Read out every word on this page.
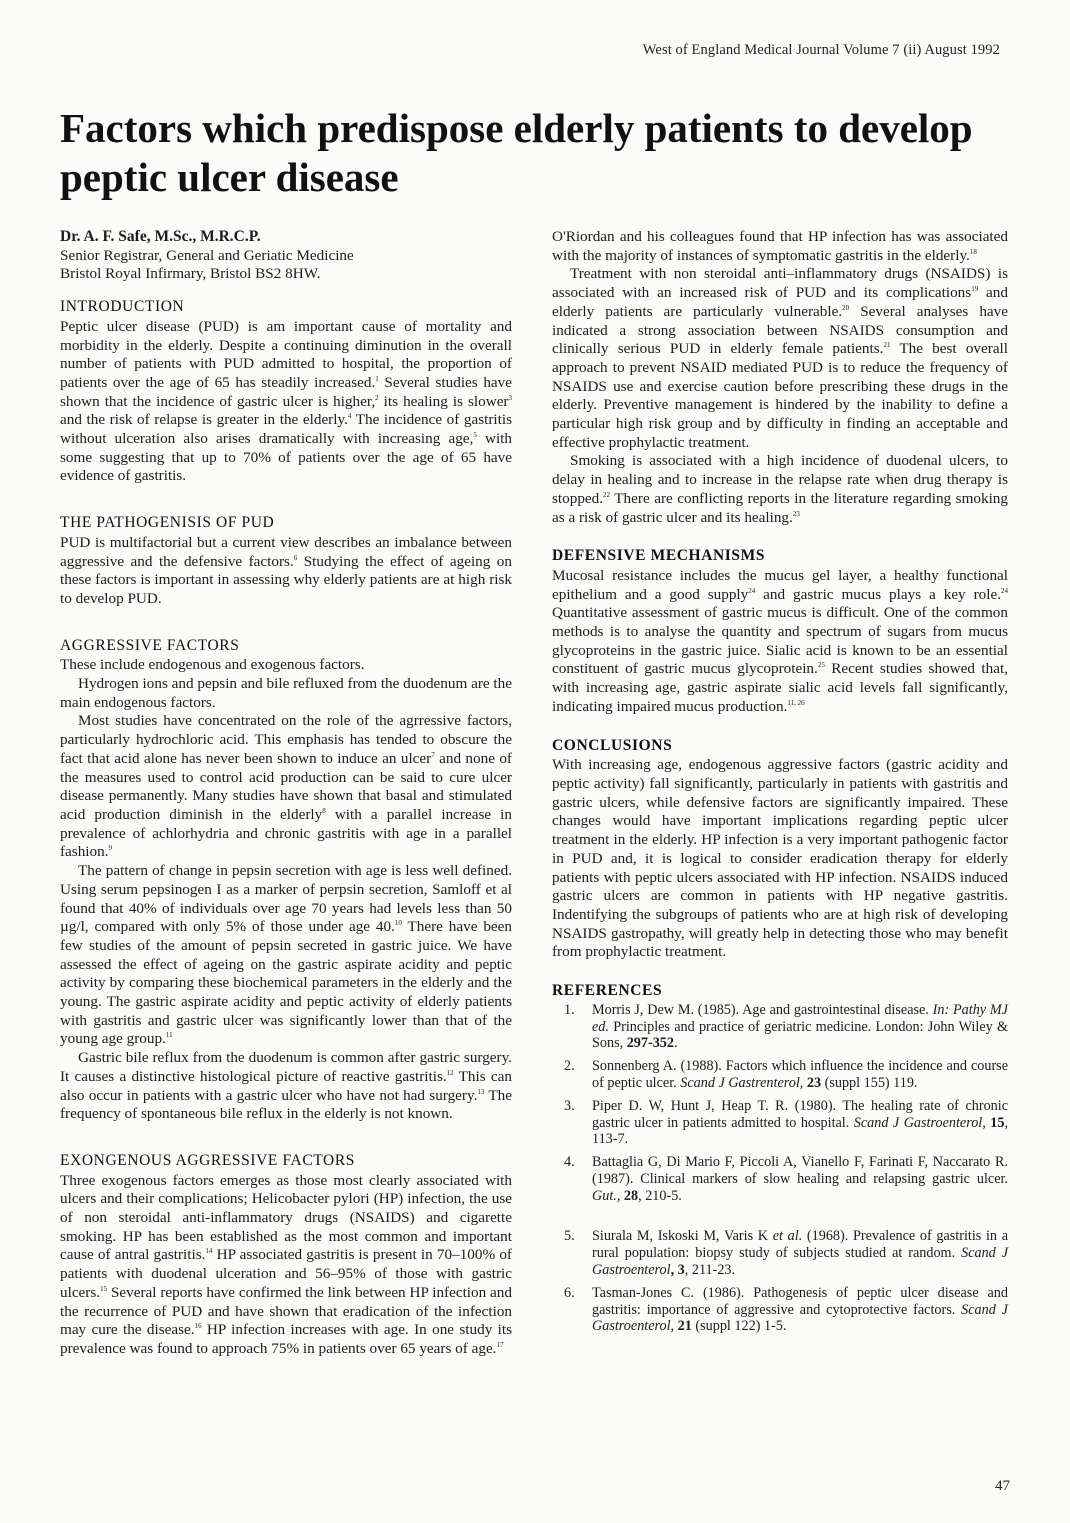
West of England Medical Journal Volume 7 (ii) August 1992
Factors which predispose elderly patients to develop peptic ulcer disease

Dr. A. F. Safe, M.Sc., M.R.C.P.

Senior Registrar, General and Geriatic Medicine

Bristol Royal Infirmary, Bristol BS2 8HW.

INTRODUCTION

Peptic ulcer disease (PUD) is am important cause of mortality and morbidity in the elderly. Despite a continuing diminution in the overall number of patients with PUD admitted to hospital, the proportion of patients over the age of 65 has steadily increased.$^1$ Several studies have shown that the incidence of gastric ulcer is higher,$^2$ its healing is slower$^3$ and the risk of relapse is greater in the elderly.$^4$ The incidence of gastritis without ulceration also arises dramatically with increasing age,$^5$ with some suggesting that up to 70% of patients over the age of 65 have evidence of gastritis.

THE PATHOGENISIS OF PUD

PUD is multifactorial but a current view describes an imbalance between aggressive and the defensive factors.$^6$ Studying the effect of ageing on these factors is important in assessing why elderly patients are at high risk to develop PUD.

AGGRESSIVE FACTORS

These include endogenous and exogenous factors.

Hydrogen ions and pepsin and bile refluxed from the duodenum are the main endogenous factors.

Most studies have concentrated on the role of the agrressive factors, particularly hydrochloric acid. This emphasis has tended to obscure the fact that acid alone has never been shown to induce an ulcer$^7$ and none of the measures used to control acid production can be said to cure ulcer disease permanently. Many studies have shown that basal and stimulated acid production diminish in the elderly$^8$ with a parallel increase in prevalence of achlorhydria and chronic gastritis with age in a parallel fashion.$^9$

The pattern of change in pepsin secretion with age is less well defined. Using serum pepsinogen I as a marker of perpsin secretion, Samloff et al found that 40% of individuals over age 70 years had levels less than 50 µg/l, compared with only 5% of those under age 40.10 There have been few studies of the amount of pepsin secreted in gastric juice. We have assessed the effect of ageing on the gastric aspirate acidity and peptic activity by comparing these biochemical parameters in the elderly and the young. The gastric aspirate acidity and peptic activity of elderly patients with gastritis and gastric ulcer was significantly lower than that of the young age group.$^{11}$

Gastric bile reflux from the duodenum is common after gastric surgery. It causes a distinctive histological picture of reactive gastritis.$^{12}$ This can also occur in patients with a gastric ulcer who have not had surgery.$^{13}$ The frequency of spontaneous bile reflux in the elderly is not known.

EXONGENOUS AGGRESSIVE FACTORS

Three exogenous factors emerges as those most clearly associated with ulcers and their complications; Helicobacter pylori (HP) infection, the use of non steroidal anti-inflammatory drugs (NSAIDS) and cigarette smoking. HP has been established as the most common and important cause of antral gastritis.$^{14}$ HP associated gastritis is present in 70–100% of patients with duodenal ulceration and 56–95% of those with gastric ulcers.$^{15}$ Several reports have confirmed the link between HP infection and the recurrence of PUD and have shown that eradication of the infection may cure the disease.$^{16}$ HP infection increases with age. In one study its prevalence was found to approach 75% in patients over 65 years of age.$^{17}$

O'Riordan and his colleagues found that HP infection has was associated with the majority of instances of symptomatic gastritis in the elderly.$^{18}$

Treatment with non steroidal anti–inflammatory drugs (NSAIDS) is associated with an increased risk of PUD and its complications$^{19}$ and elderly patients are particularly vulnerable.$^{20}$ Several analyses have indicated a strong association between NSAIDS consumption and clinically serious PUD in elderly female patients.$^{21}$ The best overall approach to prevent NSAID mediated PUD is to reduce the frequency of NSAIDS use and exercise caution before prescribing these drugs in the elderly. Preventive management is hindered by the inability to define a particular high risk group and by difficulty in finding an acceptable and effective prophylactic treatment.

Smoking is associated with a high incidence of duodenal ulcers, to delay in healing and to increase in the relapse rate when drug therapy is stopped.$^{22}$ There are conflicting reports in the literature regarding smoking as a risk of gastric ulcer and its healing.$^{23}$

DEFENSIVE MECHANISMS

Mucosal resistance includes the mucus gel layer, a healthy functional epithelium and a good supply$^{24}$ and gastric mucus plays a key role.$^{24}$ Quantitative assessment of gastric mucus is difficult. One of the common methods is to analyse the quantity and spectrum of sugars from mucus glycoproteins in the gastric juice. Sialic acid is known to be an essential constituent of gastric mucus glycoprotein.$^{25}$ Recent studies showed that, with increasing age, gastric aspirate sialic acid levels fall significantly, indicating impaired mucus production.$^{11, 26}$

CONCLUSIONS

With increasing age, endogenous aggressive factors (gastric acidity and peptic activity) fall significantly, particularly in patients with gastritis and gastric ulcers, while defensive factors are significantly impaired. These changes would have important implications regarding peptic ulcer treatment in the elderly. HP infection is a very important pathogenic factor in PUD and, it is logical to consider eradication therapy for elderly patients with peptic ulcers associated with HP infection. NSAIDS induced gastric ulcers are common in patients with HP negative gastritis. Indentifying the subgroups of patients who are at high risk of developing NSAIDS gastropathy, will greatly help in detecting those who may benefit from prophylactic treatment.

REFERENCES
1. Morris J, Dew M. (1985). Age and gastrointestinal disease. In: Pathy MJ ed. Principles and practice of geriatric medicine. London: John Wiley & Sons, 297-352.
2. Sonnenberg A. (1988). Factors which influence the incidence and course of peptic ulcer. Scand J Gastrenterol, 23 (suppl 155) 119.
3. Piper D. W, Hunt J, Heap T. R. (1980). The healing rate of chronic gastric ulcer in patients admitted to hospital. Scand J Gastroenterol, 15, 113-7.
4. Battaglia G, Di Mario F, Piccoli A, Vianello F, Farinati F, Naccarato R. (1987). Clinical markers of slow healing and relapsing gastric ulcer. Gut., 28, 210-5.
5. Siurala M, Iskoski M, Varis K et al. (1968). Prevalence of gastritis in a rural population: biopsy study of subjects studied at random. Scand J Gastroenterol, 3, 211-23.
6. Tasman-Jones C. (1986). Pathogenesis of peptic ulcer disease and gastritis: importance of aggressive and cytoprotective factors. Scand J Gastroenterol, 21 (suppl 122) 1-5.
47
